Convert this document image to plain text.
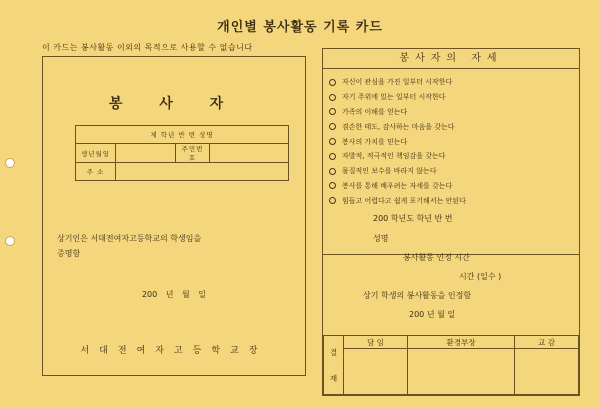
개인별 봉사활동 기록 카드
이 카드는 봉사활동 이외의 목적으로 사용할 수 없습니다
봉 사 자
제 학년 반 번 성명			
생년월일		주민번호	
주 소			
상기인은 서대전여자고등학교의 학생임을
증명함
200 년 월 일
서대전여자고등학교장
봉사자의 자세
자신이 관심을 가진 일부터 시작한다
자기 주위에 있는 일부터 시작한다
가족의 이해를 얻는다
겸손한 태도, 감사하는 마음을 갖는다
봉사의 가치를 믿는다
자발적, 적극적인 책임감을 갖는다
물질적인 보수를 바라지 않는다
봉사를 통해 배우려는 자세를 갖는다
힘들고 어렵다고 쉽게 포기해서는 안된다
200 학년도 학년 반 번
성명
봉사활동 인정 시간
시간 (일수 )
상기 학생의 봉사활동을 인정함
200 년 월 일
결
재	담 임	환경부장	교 감
